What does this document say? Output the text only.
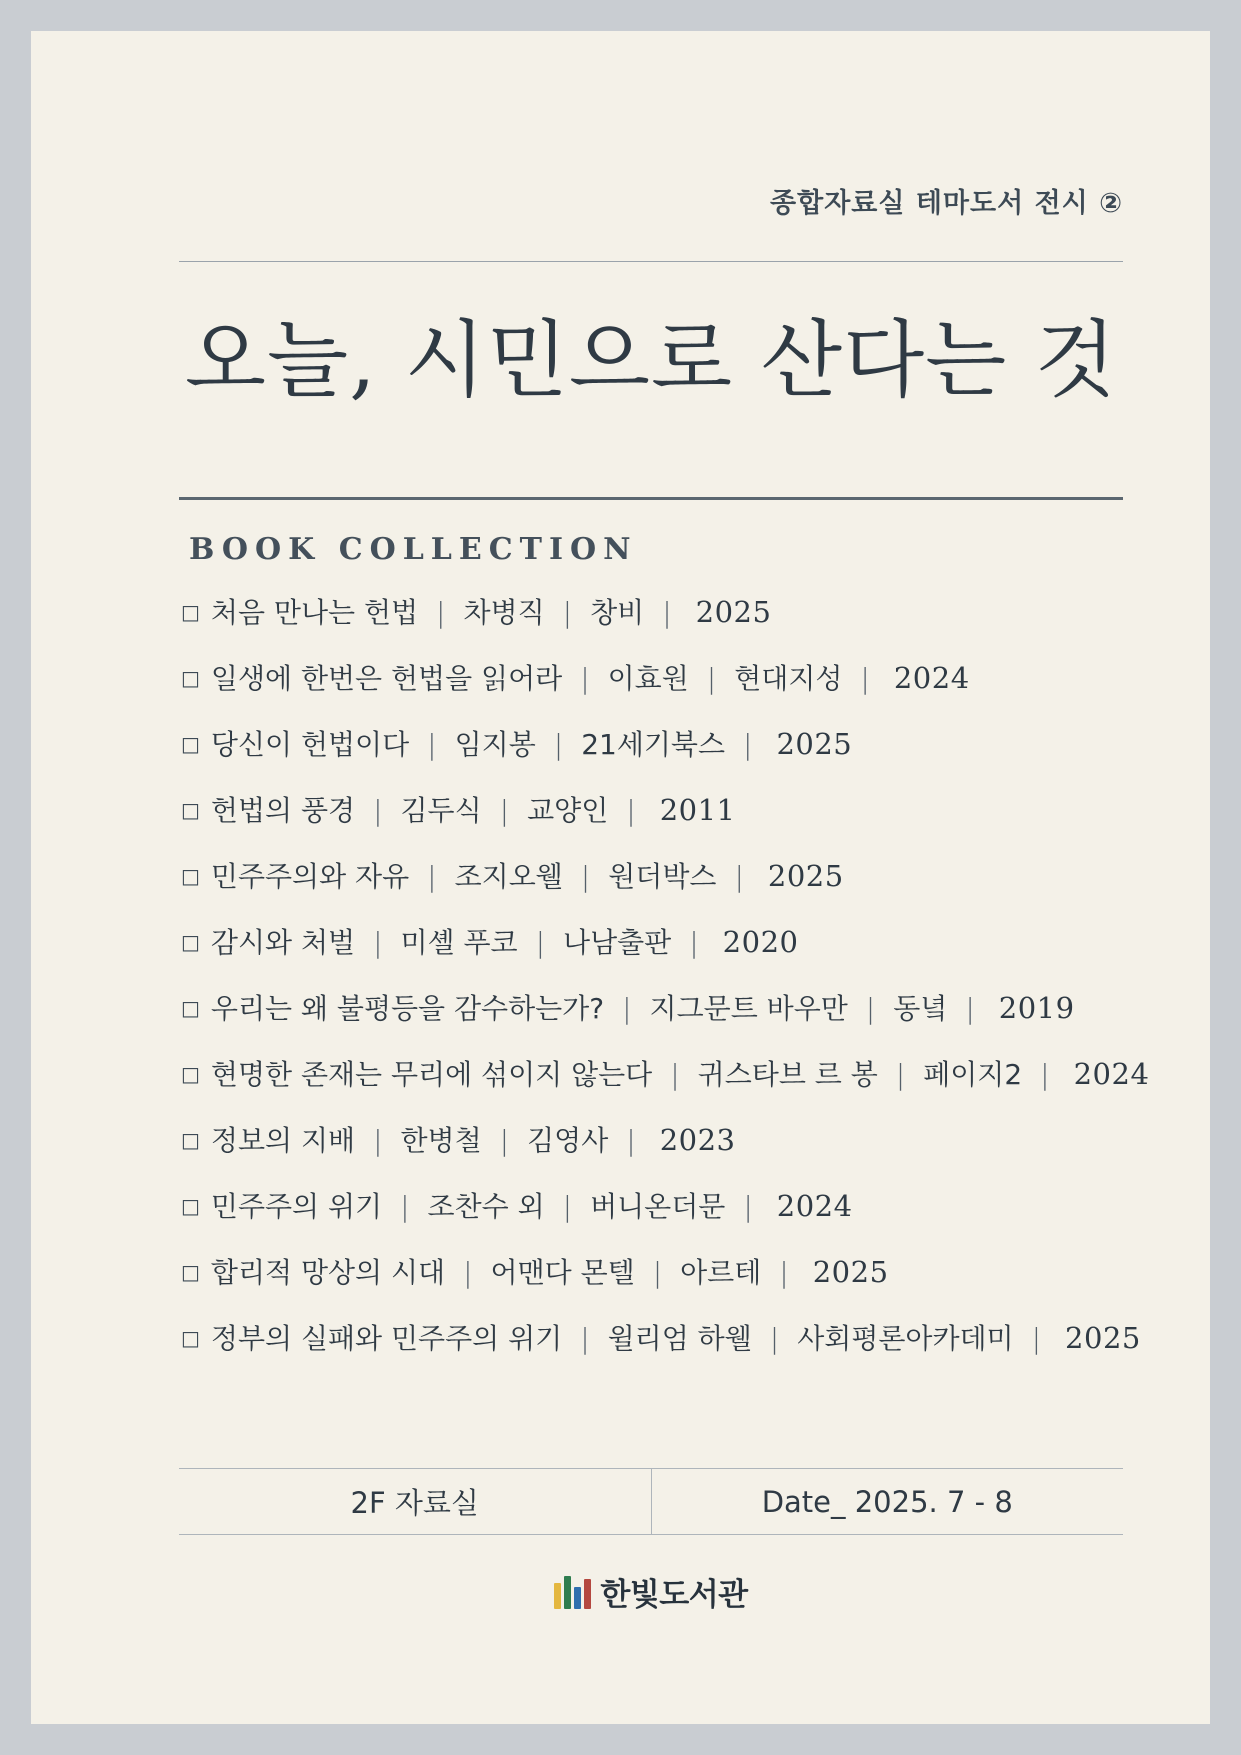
종합자료실 테마도서 전시 ②
오늘, 시민으로 산다는 것
BOOK COLLECTION
□ 처음 만나는 헌법 | 차병직 | 창비 | 2025
□ 일생에 한번은 헌법을 읽어라 | 이효원 | 현대지성 | 2024
□ 당신이 헌법이다 | 임지봉 | 21세기북스 | 2025
□ 헌법의 풍경 | 김두식 | 교양인 | 2011
□ 민주주의와 자유 | 조지오웰 | 원더박스 | 2025
□ 감시와 처벌 | 미셸 푸코 | 나남출판 | 2020
□ 우리는 왜 불평등을 감수하는가? | 지그문트 바우만 | 동녘 | 2019
□ 현명한 존재는 무리에 섞이지 않는다 | 귀스타브 르 봉 | 페이지2 | 2024
□ 정보의 지배 | 한병철 | 김영사 | 2023
□ 민주주의 위기 | 조찬수 외 | 버니온더문 | 2024
□ 합리적 망상의 시대 | 어맨다 몬텔 | 아르테 | 2025
□ 정부의 실패와 민주주의 위기 | 윌리엄 하웰 | 사회평론아카데미 | 2025
2F 자료실	Date_ 2025. 7 - 8
한빛도서관
